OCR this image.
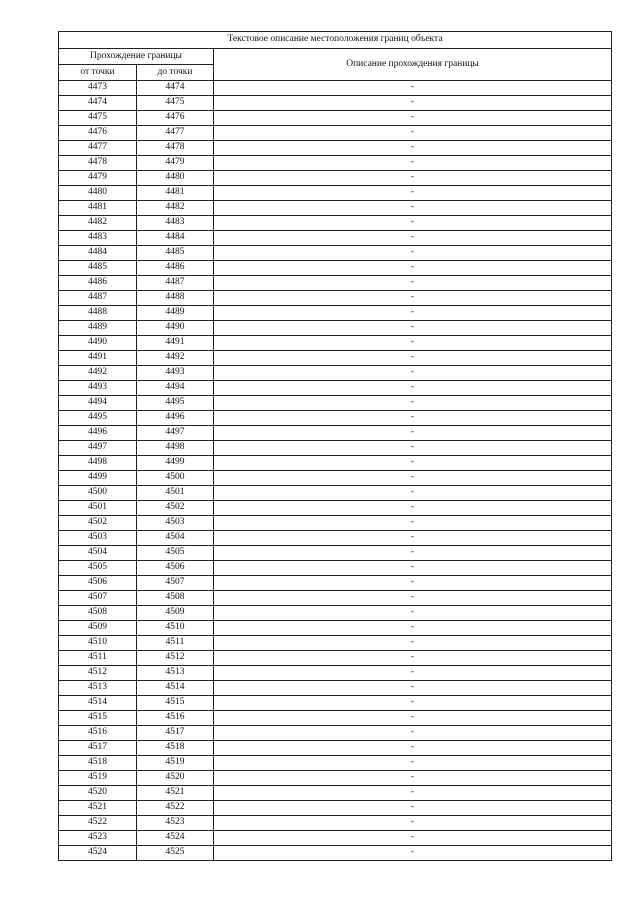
Текстовое описание местоположения границ объекта		
Прохождение границы		Описание прохождения границы
от точки	до точки	
4473	4474	-
4474	4475	-
4475	4476	-
4476	4477	-
4477	4478	-
4478	4479	-
4479	4480	-
4480	4481	-
4481	4482	-
4482	4483	-
4483	4484	-
4484	4485	-
4485	4486	-
4486	4487	-
4487	4488	-
4488	4489	-
4489	4490	-
4490	4491	-
4491	4492	-
4492	4493	-
4493	4494	-
4494	4495	-
4495	4496	-
4496	4497	-
4497	4498	-
4498	4499	-
4499	4500	-
4500	4501	-
4501	4502	-
4502	4503	-
4503	4504	-
4504	4505	-
4505	4506	-
4506	4507	-
4507	4508	-
4508	4509	-
4509	4510	-
4510	4511	-
4511	4512	-
4512	4513	-
4513	4514	-
4514	4515	-
4515	4516	-
4516	4517	-
4517	4518	-
4518	4519	-
4519	4520	-
4520	4521	-
4521	4522	-
4522	4523	-
4523	4524	-
4524	4525	-
